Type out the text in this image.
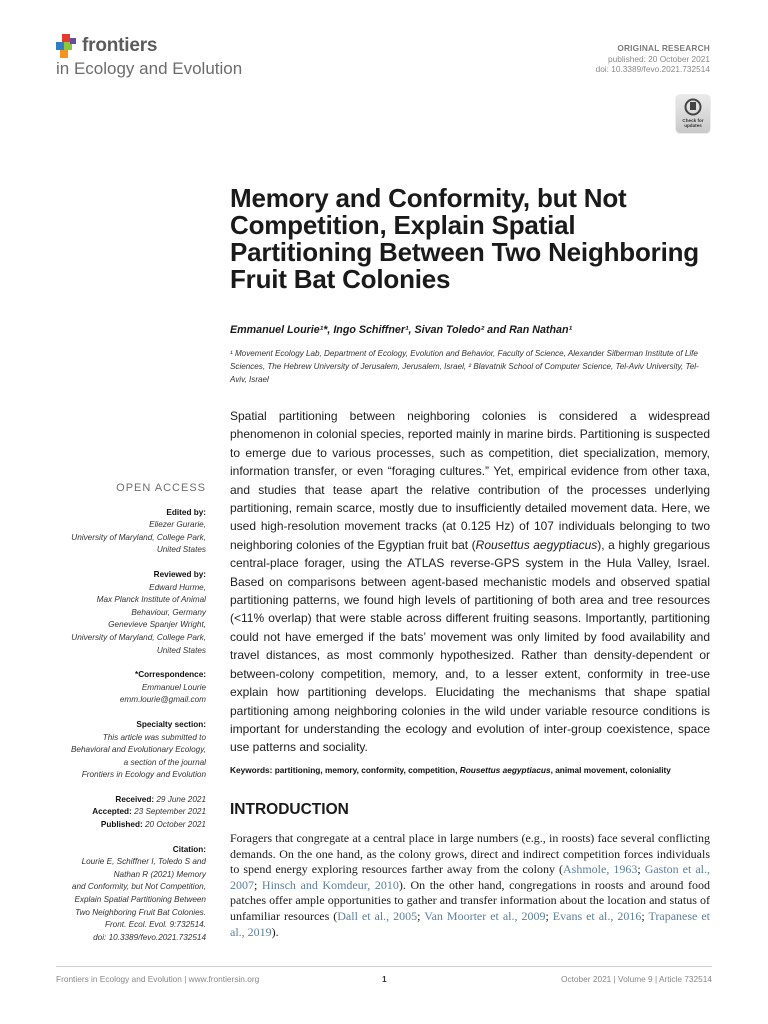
frontiers
in Ecology and Evolution
ORIGINAL RESEARCH
published: 20 October 2021
doi: 10.3389/fevo.2021.732514
Check for updates
Memory and Conformity, but Not Competition, Explain Spatial Partitioning Between Two Neighboring Fruit Bat Colonies
Emmanuel Lourie¹*, Ingo Schiffner¹, Sivan Toledo² and Ran Nathan¹
¹ Movement Ecology Lab, Department of Ecology, Evolution and Behavior, Faculty of Science, Alexander Silberman Institute of Life Sciences, The Hebrew University of Jerusalem, Jerusalem, Israel, ² Blavatnik School of Computer Science, Tel-Aviv University, Tel-Aviv, Israel
Spatial partitioning between neighboring colonies is considered a widespread phenomenon in colonial species, reported mainly in marine birds. Partitioning is suspected to emerge due to various processes, such as competition, diet specialization, memory, information transfer, or even “foraging cultures.” Yet, empirical evidence from other taxa, and studies that tease apart the relative contribution of the processes underlying partitioning, remain scarce, mostly due to insufficiently detailed movement data. Here, we used high-resolution movement tracks (at 0.125 Hz) of 107 individuals belonging to two neighboring colonies of the Egyptian fruit bat (Rousettus aegyptiacus), a highly gregarious central-place forager, using the ATLAS reverse-GPS system in the Hula Valley, Israel. Based on comparisons between agent-based mechanistic models and observed spatial partitioning patterns, we found high levels of partitioning of both area and tree resources (<11% overlap) that were stable across different fruiting seasons. Importantly, partitioning could not have emerged if the bats’ movement was only limited by food availability and travel distances, as most commonly hypothesized. Rather than density-dependent or between-colony competition, memory, and, to a lesser extent, conformity in tree-use explain how partitioning develops. Elucidating the mechanisms that shape spatial partitioning among neighboring colonies in the wild under variable resource conditions is important for understanding the ecology and evolution of inter-group coexistence, space use patterns and sociality.
Keywords: partitioning, memory, conformity, competition, Rousettus aegyptiacus, animal movement, coloniality
INTRODUCTION
Foragers that congregate at a central place in large numbers (e.g., in roosts) face several conflicting demands. On the one hand, as the colony grows, direct and indirect competition forces individuals to spend energy exploring resources farther away from the colony (Ashmole, 1963; Gaston et al., 2007; Hinsch and Komdeur, 2010). On the other hand, congregations in roosts and around food patches offer ample opportunities to gather and transfer information about the location and status of unfamiliar resources (Dall et al., 2005; Van Moorter et al., 2009; Evans et al., 2016; Trapanese et al., 2019).
OPEN ACCESS
Edited by:
Eliezer Gurarie,
University of Maryland, College Park,
United States
Reviewed by:
Edward Hurme,
Max Planck Institute of Animal
Behaviour, Germany
Genevieve Spanjer Wright,
University of Maryland, College Park,
United States
*Correspondence:
Emmanuel Lourie
emm.lourie@gmail.com
Specialty section:
This article was submitted to
Behavioral and Evolutionary Ecology,
a section of the journal
Frontiers in Ecology and Evolution
Received: 29 June 2021
Accepted: 23 September 2021
Published: 20 October 2021
Citation:
Lourie E, Schiffner I, Toledo S and
Nathan R (2021) Memory
and Conformity, but Not Competition,
Explain Spatial Partitioning Between
Two Neighboring Fruit Bat Colonies.
Front. Ecol. Evol. 9:732514.
doi: 10.3389/fevo.2021.732514
Frontiers in Ecology and Evolution | www.frontiersin.org	1	October 2021 | Volume 9 | Article 732514
